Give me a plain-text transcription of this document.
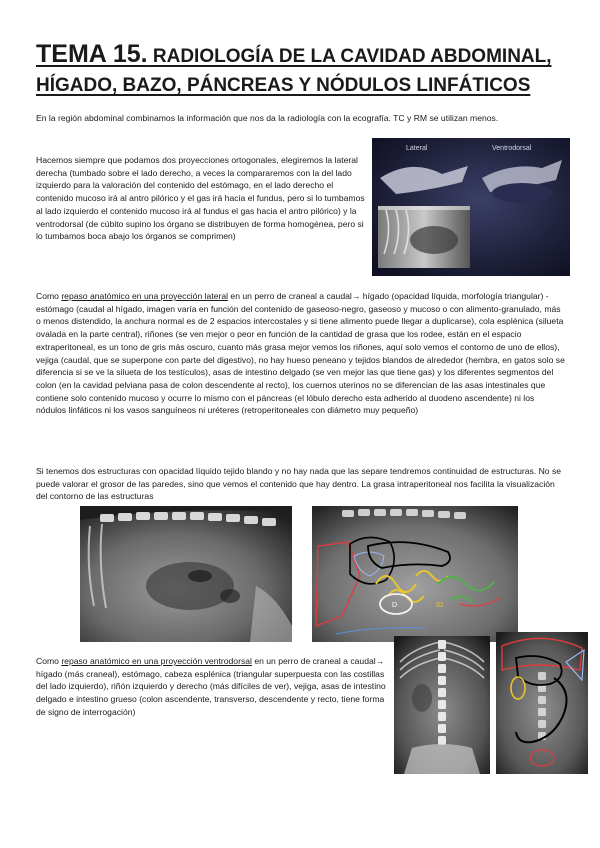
TEMA 15. RADIOLOGÍA DE LA CAVIDAD ABDOMINAL,
HÍGADO, BAZO, PÁNCREAS Y NÓDULOS LINFÁTICOS

En la región abdominal combinamos la información que nos da la radiología con la ecografía. TC y RM se utilizan menos.

Hacemos siempre que podamos dos proyecciones ortogonales, elegiremos la lateral derecha (tumbado sobre el lado derecho, a veces la compararemos con la del lado izquierdo para la valoración del contenido del estómago, en el lado derecho el contenido mucoso irá al antro pilórico y el gas irá hacia el fundus, pero si lo tumbamos al lado izquierdo el contenido mucoso irá al fundus el gas hacia el antro pilórico) y la ventrodorsal (de cúbito supino los órgano se distribuyen de forma homogénea, pero si lo tumbamos boca abajo los órganos se comprimen)

Lateral	Ventrodorsal

Como repaso anatómico en una proyección lateral en un perro de craneal a caudal→ hígado (opacidad líquida, morfología triangular) - estómago (caudal al hígado, imagen varía en función del contenido de gaseoso-negro, gaseoso y mucoso o con alimento-granulado, más o menos distendido, la anchura normal es de 2 espacios intercostales y si tiene alimento puede llegar a duplicarse), cola esplénica (silueta ovalada en la parte central), riñones (se ven mejor o peor en función de la cantidad de grasa que los rodee, están en el espacio extraperitoneal, es un tono de gris más oscuro, cuanto más grasa mejor vemos los riñones, aquí solo vemos el contorno de uno de ellos), vejiga (caudal, que se superpone con parte del digestivo), no hay hueso peneano y tejidos blandos de alrededor (hembra, en gatos solo se diferencia si se ve la silueta de los testículos), asas de intestino delgado (se ven mejor las que tiene gas) y los diferentes segmentos del colon (en la cavidad pelviana pasa de colon descendente al recto), los cuernos uterinos no se diferencian de las asas intestinales que contiene solo contenido mucoso y ocurre lo mismo con el páncreas (el lóbulo derecho esta adherido al duodeno ascendente) ni los nódulos linfáticos ni los vasos sanguíneos ni uréteres (retroperitoneales con diámetro muy pequeño)

Si tenemos dos estructuras con opacidad líquido tejido blando y no hay nada que las separe tendremos continuidad de estructuras. No se puede valorar el grosor de las paredes, sino que vemos el contenido que hay dentro. La grasa intraperitoneal nos facilita la visualización del contorno de las estructuras

D	ID

Como repaso anatómico en una proyección ventrodorsal en un perro de craneal a caudal→ hígado (más craneal), estómago, cabeza esplénica (triangular superpuesta con las costillas del lado izquierdo), riñón izquierdo y derecho (más difíciles de ver), vejiga, asas de intestino delgado e intestino grueso (colon ascendente, transverso, descendente y recto, tiene forma de signo de interrogación)
